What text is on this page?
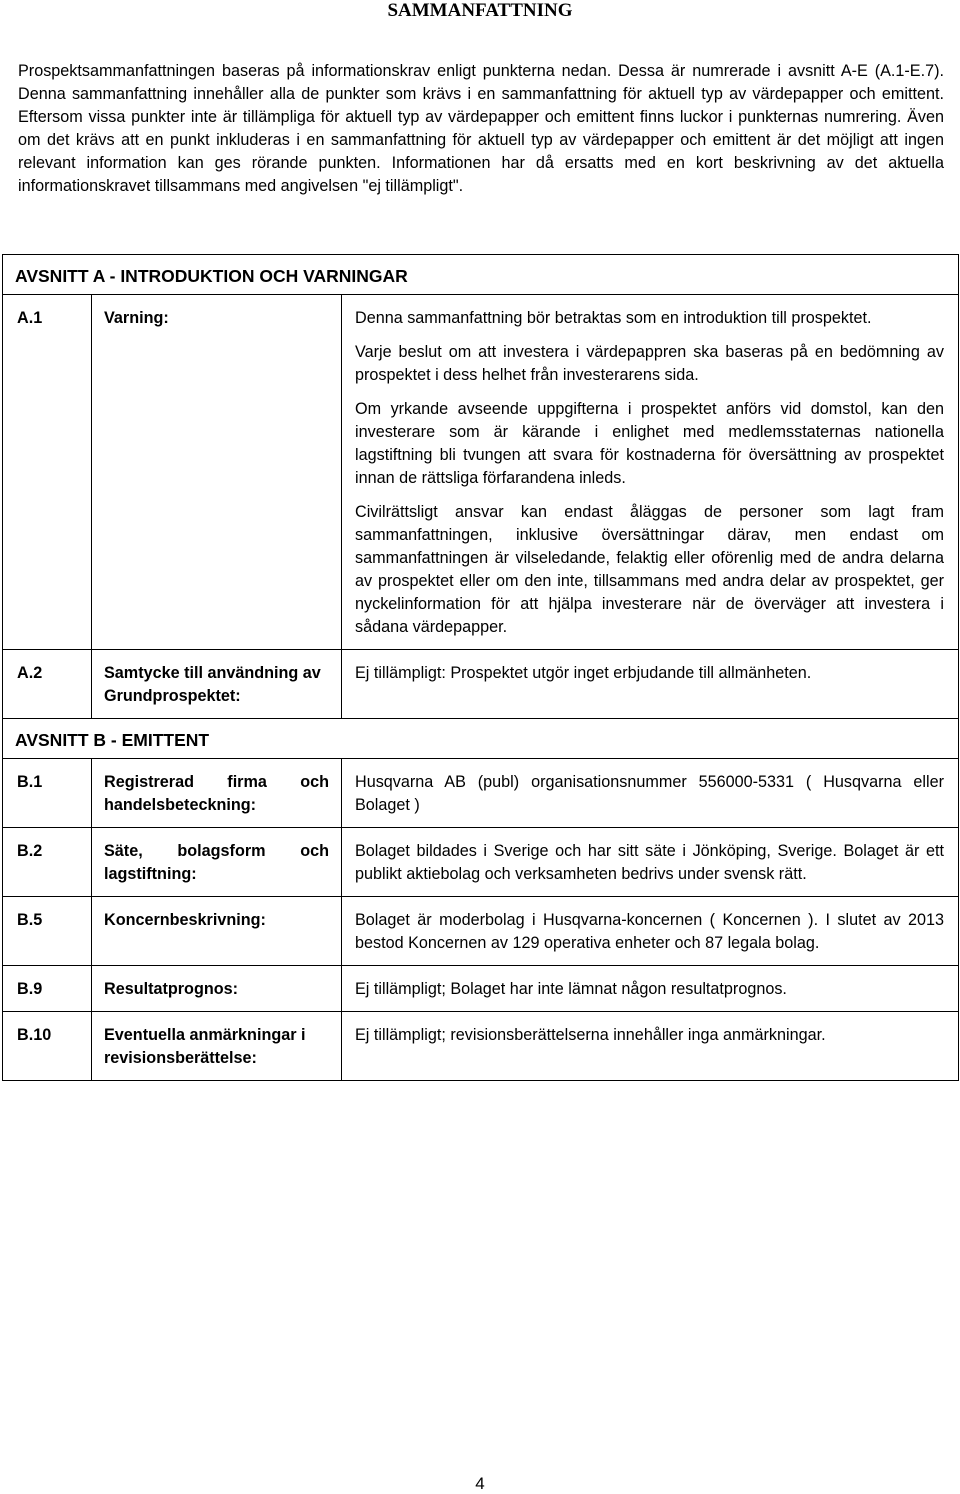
SAMMANFATTNING

Prospektsammanfattningen baseras på informationskrav enligt punkterna nedan. Dessa är numrerade i avsnitt A-E (A.1-E.7). Denna sammanfattning innehåller alla de punkter som krävs i en sammanfattning för aktuell typ av värdepapper och emittent. Eftersom vissa punkter inte är tillämpliga för aktuell typ av värdepapper och emittent finns luckor i punkternas numrering. Även om det krävs att en punkt inkluderas i en sammanfattning för aktuell typ av värdepapper och emittent är det möjligt att ingen relevant information kan ges rörande punkten. Informationen har då ersatts med en kort beskrivning av det aktuella informationskravet tillsammans med angivelsen "ej tillämpligt".

AVSNITT A - INTRODUKTION OCH VARNINGAR		
A.1	Varning:	Denna sammanfattning bör betraktas som en introduktion till prospektet.

Varje beslut om att investera i värdepappren ska baseras på en bedömning av prospektet i dess helhet från investerarens sida.

Om yrkande avseende uppgifterna i prospektet anförs vid domstol, kan den investerare som är kärande i enlighet med medlemsstaternas nationella lagstiftning bli tvungen att svara för kostnaderna för översättning av prospektet innan de rättsliga förfarandena inleds.

Civilrättsligt ansvar kan endast åläggas de personer som lagt fram sammanfattningen, inklusive översättningar därav, men endast om sammanfattningen är vilseledande, felaktig eller oförenlig med de andra delarna av prospektet eller om den inte, tillsammans med andra delar av prospektet, ger nyckelinformation för att hjälpa investerare när de överväger att investera i sådana värdepapper.

A.2	Samtycke till användning av Grundprospektet:	Ej tillämpligt: Prospektet utgör inget erbjudande till allmänheten.

AVSNITT B - EMITTENT		
B.1	Registrerad firma och handelsbeteckning:	Husqvarna AB (publ) organisationsnummer 556000-5331 ( Husqvarna eller Bolaget )
B.2	Säte, bolagsform och lagstiftning:	Bolaget bildades i Sverige och har sitt säte i Jönköping, Sverige. Bolaget är ett publikt aktiebolag och verksamheten bedrivs under svensk rätt.
B.5	Koncernbeskrivning:	Bolaget är moderbolag i Husqvarna-koncernen ( Koncernen ). I slutet av 2013 bestod Koncernen av 129 operativa enheter och 87 legala bolag.
B.9	Resultatprognos:	Ej tillämpligt; Bolaget har inte lämnat någon resultatprognos.
B.10	Eventuella anmärkningar i revisionsberättelse:	Ej tillämpligt; revisionsberättelserna innehåller inga anmärkningar.
4
